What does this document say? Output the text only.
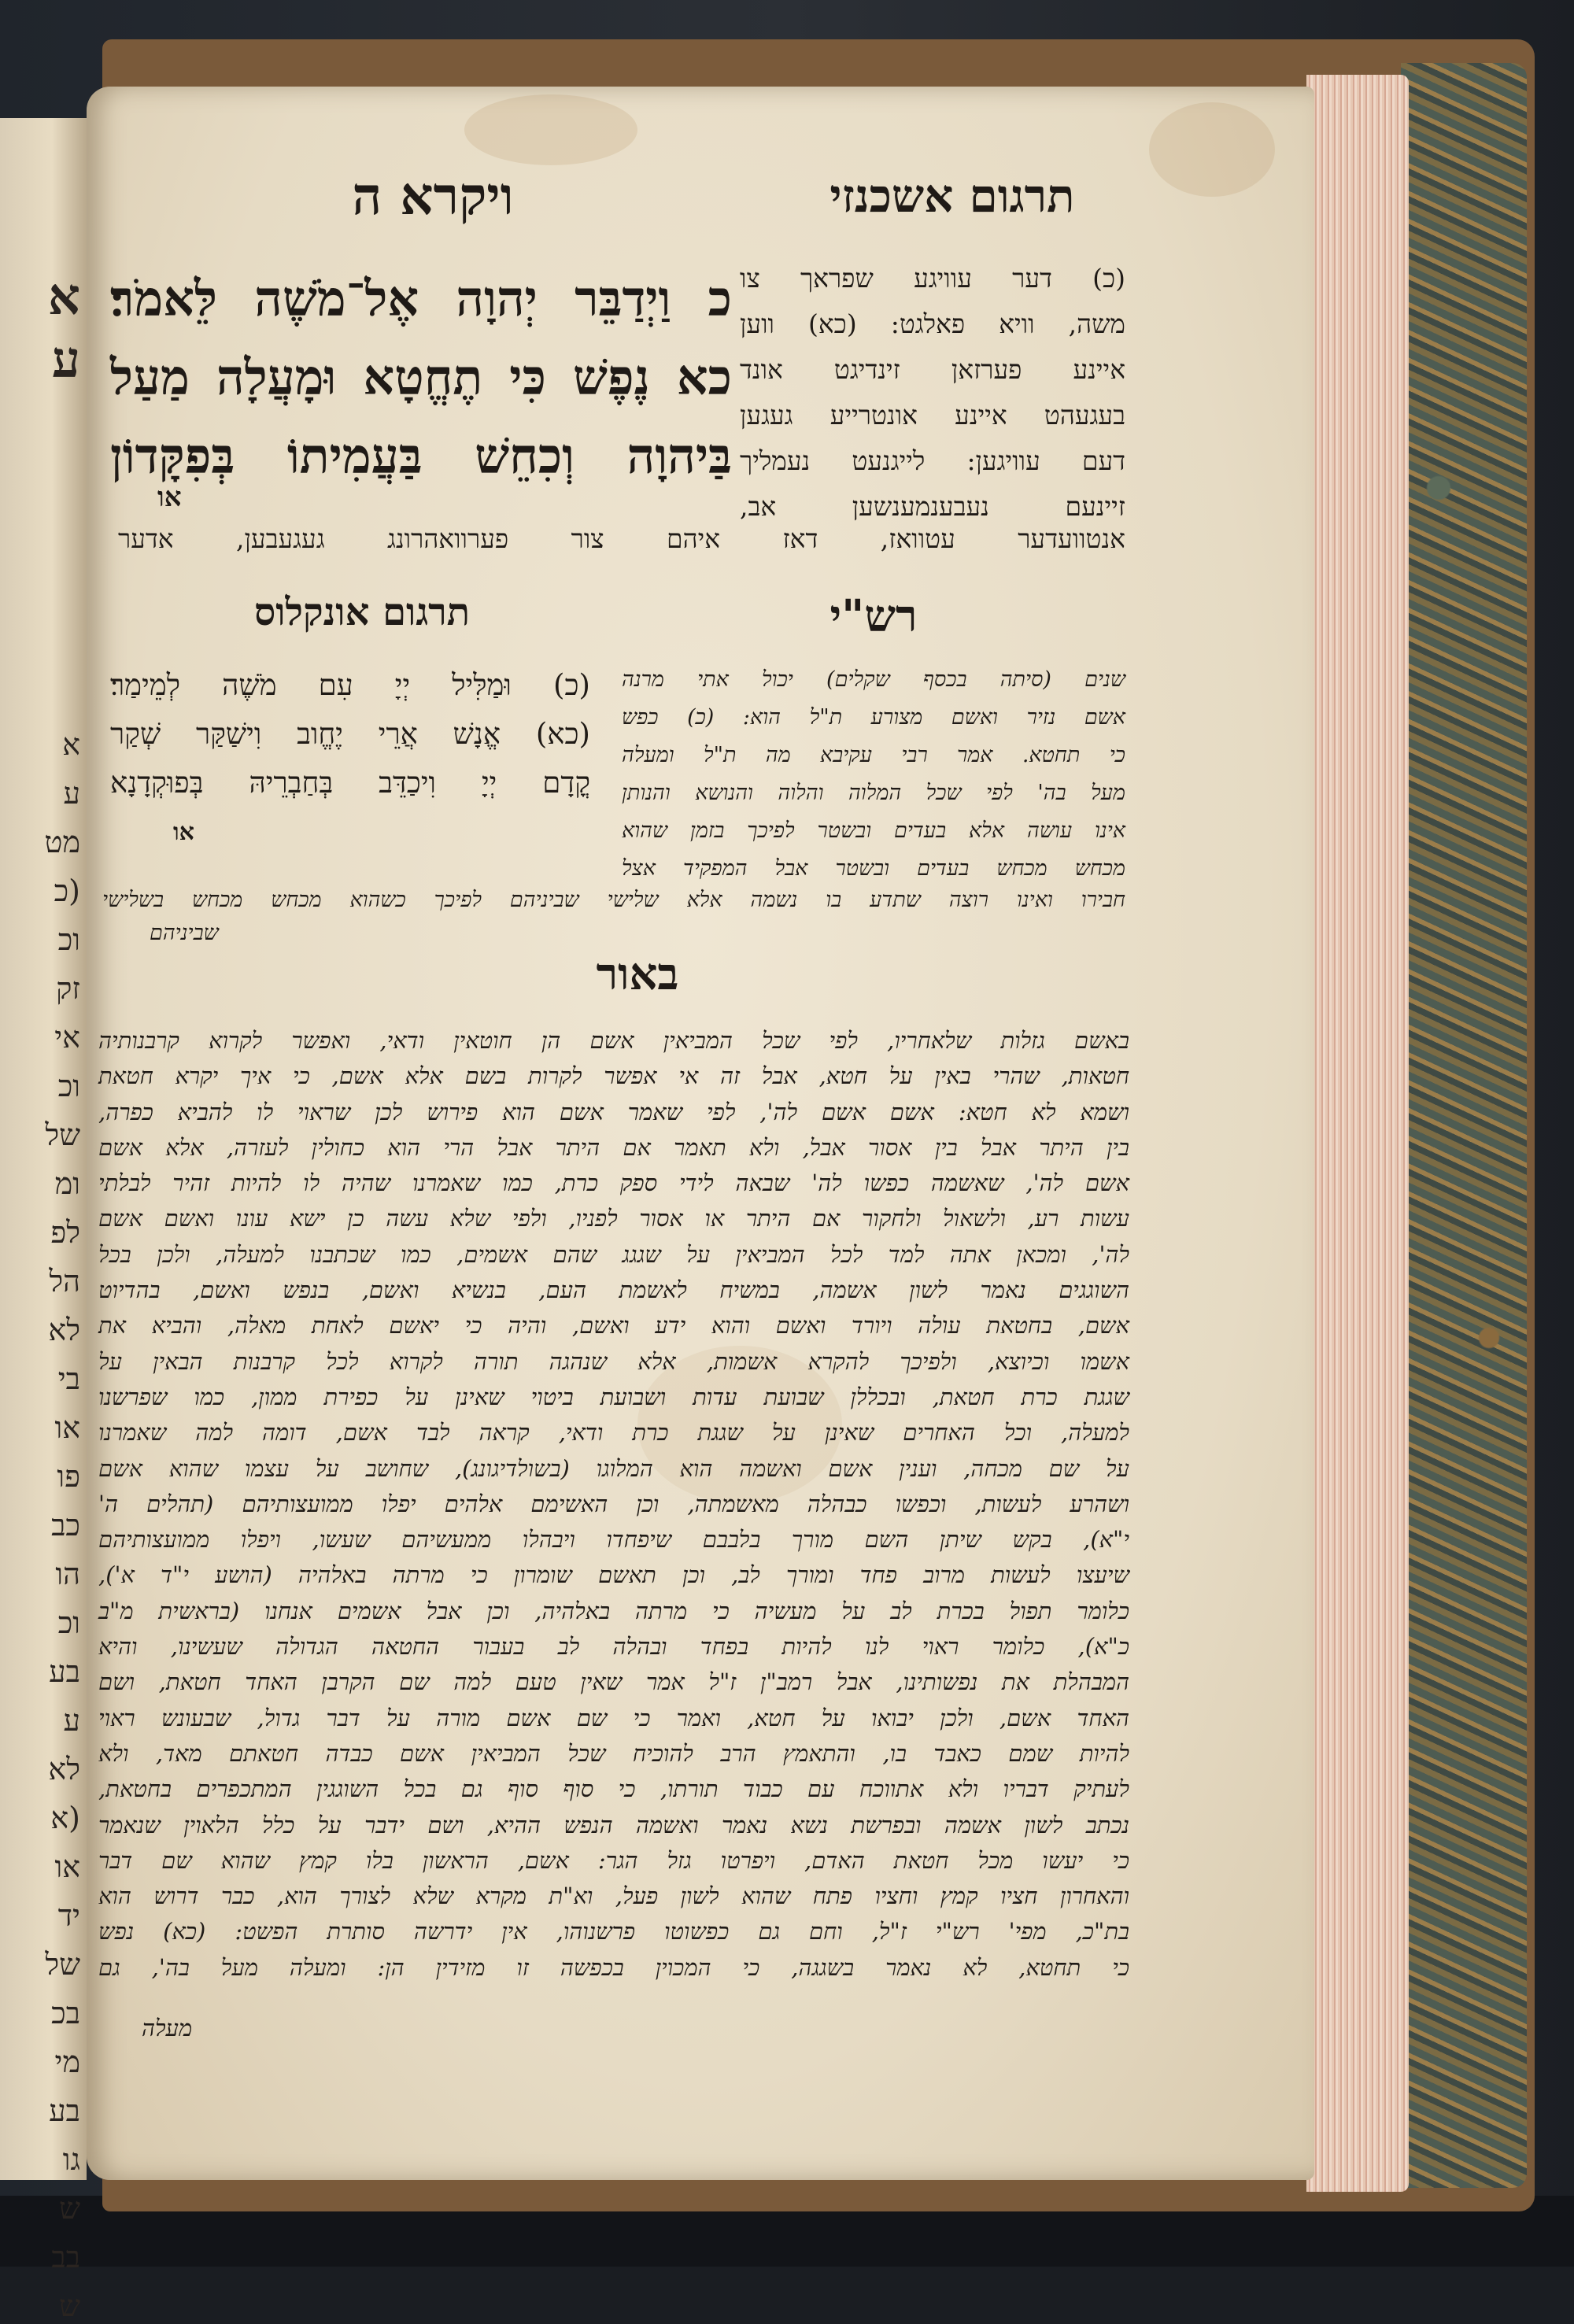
א
ע
א
ע
מט
(כ
וכ
זק
אי
וכ
של
ומ
לפ
הל
לא
בי
או
פו
כב
הו
וכ
בע
ע
לא
(א
או
יד
של
בכ
מי
בע
גו
ש
בב
ש
תרגום אשכנזי
ויקרא ה
(כ) דער עוויגע שפראך צו
משה, וויא פאלגט: (כא) ווען
איינע פערזאן זינדיגט אונד
בעגעהט איינע אונטרייע געגען
דעם עוויגען: לייגנעט נעמליך
זיינעם נעבענמענשען אב,
אנטוועדער עטוואז, דאז איהם צור פערוואהרונג געגעבען, אדער
כ וַיְדַבֵּר יְהוָה אֶל־מֹשֶׁה לֵּאמֹר׃
כא נֶפֶשׁ כִּי תֶחֱטָא וּמָעֲלָה מַעַל
בַּיהוָה וְכִחֵשׁ בַּעֲמִיתוֹ בְּפִקָּדוֹן
או
רש"י
תרגום אונקלוס
שנים (סיתה בכסף שקלים) יכול אתי מרנה
אשם נזיר ואשם מצורע ת"ל הוא: (כ) כפש
כי תחטא. אמר רבי עקיבא מה ת"ל ומעלה
מעל בה' לפי שכל המלוה והלוה והנושא והנותן
אינו עושה אלא בעדים ובשטר לפיכך בזמן שהוא
מכחש מכחש בעדים ובשטר אבל המפקיד אצל
חבירו ואינו רוצה שתדע בו נשמה אלא שלישי שביניהם לפיכך כשהוא מכחש מכחש בשלישי
שביניהם
(כ) וּמַלִּיל יְיָ עִם מֹשֶׁה לְמֵימַר׃
(כא) אֱנָשׁ אֲרֵי יֶחֱוב וִישַׁקַּר שְׁקַר
קֳדָם יְיָ וִיכַדֵּב בְּחַבְרֵיהּ בְּפוּקְדָנָא
או
באור
באשם גזלות שלאחריו, לפי שכל המביאין אשם הן חוטאין ודאי, ואפשר לקרוא קרבנותיה
חטאות, שהרי באין על חטא, אבל זה אי אפשר לקרות בשם אלא אשם, כי איך יקרא חטאת
ושמא לא חטא: אשם אשם לה', לפי שאמר אשם הוא פירוש לכן שראוי לו להביא כפרה,
בין היתר אבל בין אסור אבל, ולא תאמר אם היתר אבל הרי הוא כחולין לעזרה, אלא אשם
אשם לה', שאשמה כפשו לה' שבאה לידי ספק כרת, כמו שאמרנו שהיה לו להיות זהיר לבלתי
עשות רע, ולשאול ולחקור אם היתר או אסור לפניו, ולפי שלא עשה כן ישא עונו ואשם אשם
לה', ומכאן אתה למד לכל המביאין על שגגג שהם אשמים, כמו שכתבנו למעלה, ולכן בכל
השוגגים נאמר לשון אשמה, במשיח לאשמת העם, בנשיא ואשם, בנפש ואשם, בהדיוט
אשם, בחטאת עולה ויורד ואשם והוא ידע ואשם, והיה כי יאשם לאחת מאלה, והביא את
אשמו וכיוצא, ולפיכך להקרא אשמות, אלא שנהגה תורה לקרוא לכל קרבנות הבאין על
שגגת כרת חטאת, ובכללן שבועת עדות ושבועת ביטוי שאינן על כפירת ממון, כמו שפרשנו
למעלה, וכל האחרים שאינן על שגגת כרת ודאי, קראה לבד אשם, דומה למה שאמרנו
על שם מכחה, וענין אשם ואשמה הוא המלוגו (בשולדיגונג), שחושב על עצמו שהוא אשם
ושהרע לעשות, וכפשו כבהלה מאשמתה, וכן האשימם אלהים יפלו ממועצותיהם (תהלים ה'
י"א), בקש שיתן השם מורך בלבבם שיפחדו ויבהלו ממעשיהם שעשו, ויפלו ממועצותיהם
שיעצו לעשות מרוב פחד ומורך לב, וכן תאשם שומרון כי מרתה באלהיה (הושע י"ד א'),
כלומר תפול בכרת לב על מעשיה כי מרתה באלהיה, וכן אבל אשמים אנחנו (בראשית מ"ב
כ"א), כלומר ראוי לנו להיות בפחד ובהלה לב בעבור החטאה הגדולה שעשינו, והיא
המבהלת את נפשותינו, אבל רמב"ן ז"ל אמר שאין טעם למה שם הקרבן האחד חטאת, ושם
האחד אשם, ולכן יבואו על חטא, ואמר כי שם אשם מורה על דבר גדול, שבעונש ראוי
להיות שמם כאבד בו, והתאמץ הרב להוכיח שכל המביאין אשם כבדה חטאתם מאד, ולא
לעתיק דבריו ולא אתווכח עם כבוד תורתו, כי סוף סוף גם בכל השוגגין המתכפרים בחטאת,
נכתב לשון אשמה ובפרשת נשא נאמר ואשמה הנפש ההיא, ושם ידבר על כלל הלאוין שנאמר
כי יעשו מכל חטאת האדם, ויפרטו גזל הגר: אשם, הראשון בלו קמץ שהוא שם דבר
והאחרון חציו קמץ וחציו פתח שהוא לשון פעל, וא"ת מקרא שלא לצורך הוא, כבר דרוש הוא
בת"כ, מפי' רש"י ז"ל, וחם גם כפשוטו פרשנוהו, אין ידרשה סותרת הפשט: (כא) נפש
כי תחטא, לא נאמר בשגגה, כי המכוין בכפשה זו מזידין הן: ומעלה מעל בה', גם
מעלה
